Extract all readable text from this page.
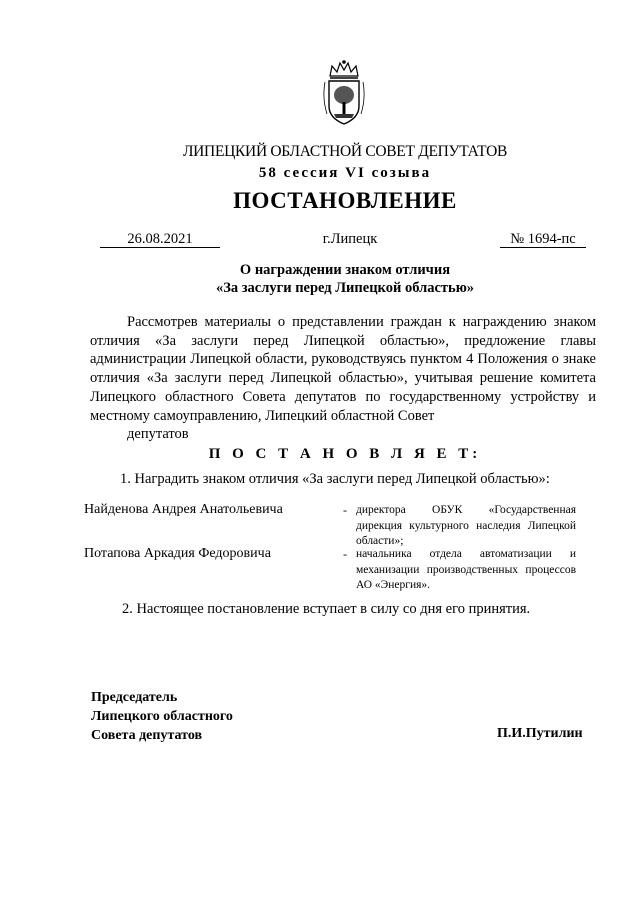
ЛИПЕЦКИЙ ОБЛАСТНОЙ СОВЕТ ДЕПУТАТОВ
58 сессия VI созыва
ПОСТАНОВЛЕНИЕ
26.08.2021	г.Липецк	№ 1694-пс
О награждении знаком отличия
«За заслуги перед Липецкой областью»
Рассмотрев материалы о представлении граждан к награждению знаком отличия «За заслуги перед Липецкой областью», предложение главы администрации Липецкой области, руководствуясь пунктом 4 Положения о знаке отличия «За заслуги перед Липецкой областью», учитывая решение комитета Липецкого областного Совета депутатов по государственному устройству и местному самоуправлению, Липецкий областной Совет
депутатов
П О С Т А Н О В Л Я Е Т:
1. Наградить знаком отличия «За заслуги перед Липецкой областью»:
Найденова Андрея Анатольевича	- директора ОБУК «Государственная дирекция культурного наследия Липецкой области»;
Потапова Аркадия Федоровича	- начальника отдела автоматизации и механизации производственных процессов АО «Энергия».
2. Настоящее постановление вступает в силу со дня его принятия.
Председатель
Липецкого областного
Совета депутатов	П.И.Путилин
